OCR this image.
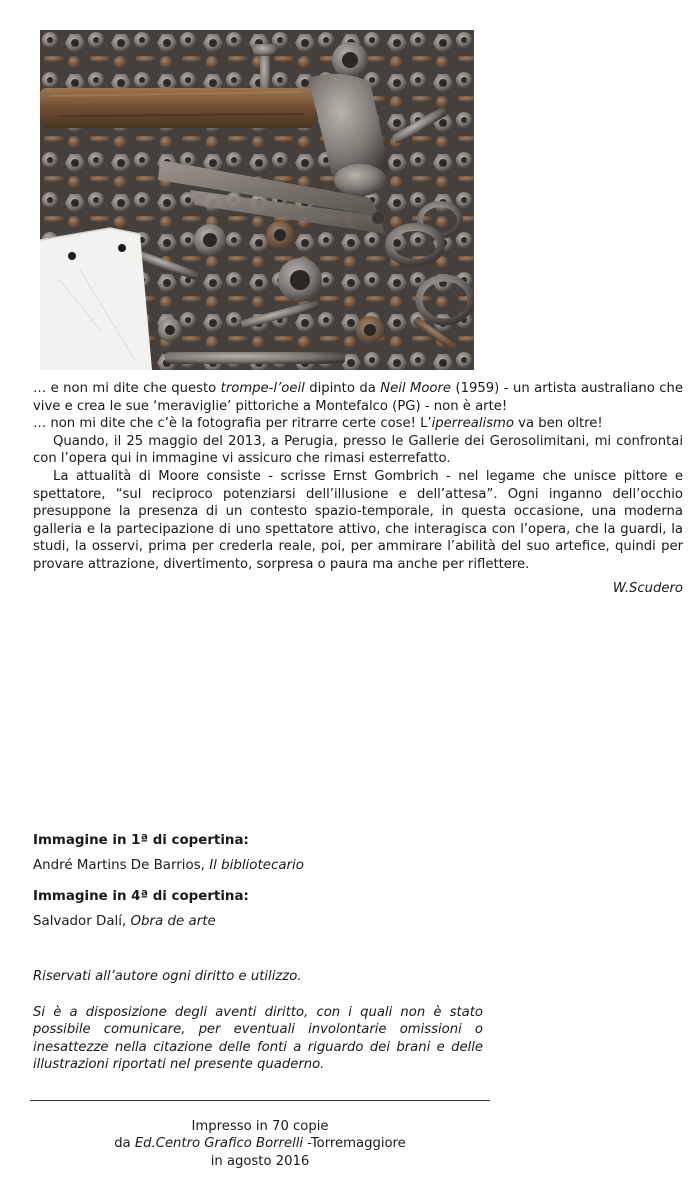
… e non mi dite che questo trompe-l’oeil dipinto da Neil Moore (1959) - un artista australiano che vive e crea le sue ‘meraviglie’ pittoriche a Montefalco (PG) - non è arte!

… non mi dite che c’è la fotografia per ritrarre certe cose! L’iperrealismo va ben oltre!

Quando, il 25 maggio del 2013, a Perugia, presso le Gallerie dei Gerosolimitani, mi confrontai con l’opera qui in immagine vi assicuro che rimasi esterrefatto.

La attualità di Moore consiste - scrisse Ernst Gombrich - nel legame che unisce pittore e spettatore, “sul reciproco potenziarsi dell’illusione e dell’attesa”. Ogni inganno dell’occhio presuppone la presenza di un contesto spazio-temporale, in questa occasione, una moderna galleria e la partecipazione di uno spettatore attivo, che interagisca con l’opera, che la guardi, la studi, la osservi, prima per crederla reale, poi, per ammirare l’abilità del suo artefice, quindi per provare attrazione, divertimento, sorpresa o paura ma anche per riflettere.

W.Scudero

Immagine in 1ª di copertina:

André Martins De Barrios, Il bibliotecario

Immagine in 4ª di copertina:

Salvador Dalí, Obra de arte

Riservati all’autore ogni diritto e utilizzo.

Si è a disposizione degli aventi diritto, con i quali non è stato possibile comunicare, per eventuali involontarie omissioni o inesattezze nella citazione delle fonti a riguardo dei brani e delle illustrazioni riportati nel presente quaderno.

Impresso in 70 copie

da Ed.Centro Grafico Borrelli -Torremaggiore

in agosto 2016
